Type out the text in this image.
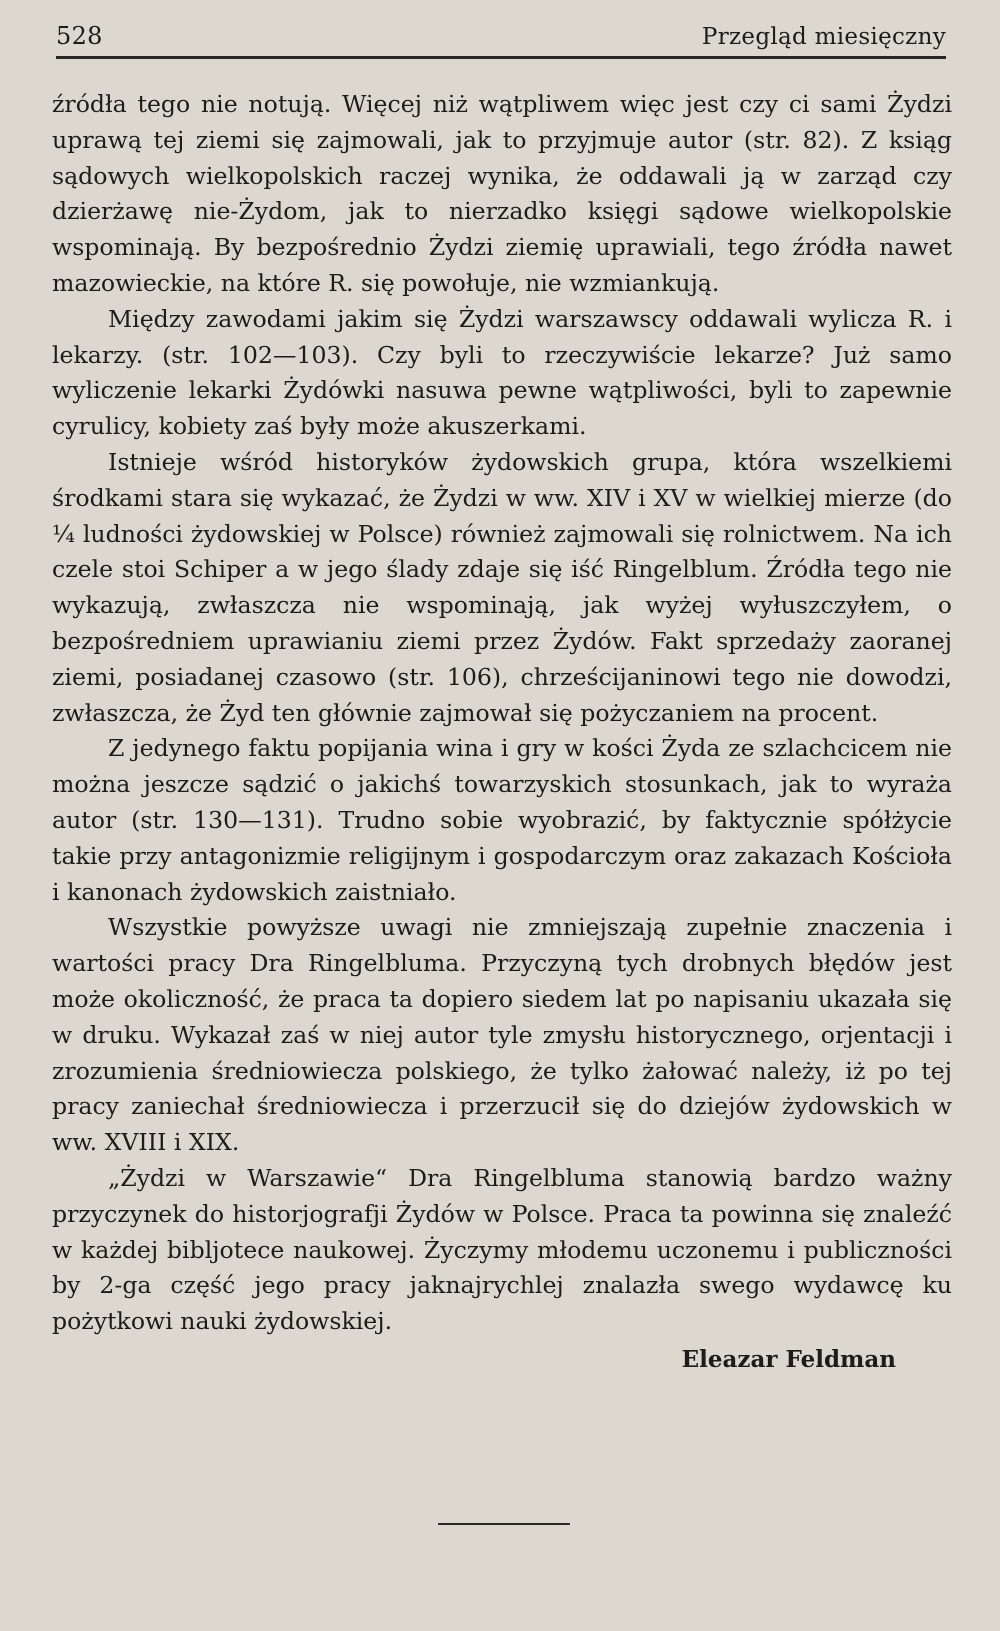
528	Przegląd miesięczny

źródła tego nie notują. Więcej niż wątpliwem więc jest czy ci sami Żydzi uprawą tej ziemi się zajmowali, jak to przyjmuje autor (str. 82). Z ksiąg sądowych wielkopolskich raczej wynika, że oddawali ją w zarząd czy dzierżawę nie-Żydom, jak to nierzadko księgi sądowe wielkopolskie wspominają. By bezpośrednio Żydzi ziemię uprawiali, tego źródła nawet mazowieckie, na które R. się powołuje, nie wzmiankują.

Między zawodami jakim się Żydzi warszawscy oddawali wylicza R. i lekarzy. (str. 102—103). Czy byli to rzeczywiście lekarze? Już samo wyliczenie lekarki Żydówki nasuwa pewne wątpliwości, byli to zapewnie cyrulicy, kobiety zaś były może akuszerkami.

Istnieje wśród historyków żydowskich grupa, która wszelkiemi środkami stara się wykazać, że Żydzi w ww. XIV i XV w wielkiej mierze (do ¼ ludności żydowskiej w Polsce) również zajmowali się rolnictwem. Na ich czele stoi Schiper a w jego ślady zdaje się iść Ringelblum. Źródła tego nie wykazują, zwłaszcza nie wspominają, jak wyżej wyłuszczyłem, o bezpośredniem uprawianiu ziemi przez Żydów. Fakt sprzedaży zaoranej ziemi, posiadanej czasowo (str. 106), chrześcijaninowi tego nie dowodzi, zwłaszcza, że Żyd ten głównie zajmował się pożyczaniem na procent.

Z jedynego faktu popijania wina i gry w kości Żyda ze szlachcicem nie można jeszcze sądzić o jakichś towarzyskich stosunkach, jak to wyraża autor (str. 130—131). Trudno sobie wyobrazić, by faktycznie spółżycie takie przy antagonizmie religijnym i gospodarczym oraz zakazach Kościoła i kanonach żydowskich zaistniało.

Wszystkie powyższe uwagi nie zmniejszają zupełnie znaczenia i wartości pracy Dra Ringelbluma. Przyczyną tych drobnych błędów jest może okoliczność, że praca ta dopiero siedem lat po napisaniu ukazała się w druku. Wykazał zaś w niej autor tyle zmysłu historycznego, orjentacji i zrozumienia średniowiecza polskiego, że tylko żałować należy, iż po tej pracy zaniechał średniowiecza i przerzucił się do dziejów żydowskich w ww. XVIII i XIX.

„Żydzi w Warszawie“ Dra Ringelbluma stanowią bardzo ważny przyczynek do historjografji Żydów w Polsce. Praca ta powinna się znaleźć w każdej bibljotece naukowej. Życzymy młodemu uczonemu i publiczności by 2-ga część jego pracy jaknajrychlej znalazła swego wydawcę ku pożytkowi nauki żydowskiej.

Eleazar Feldman
